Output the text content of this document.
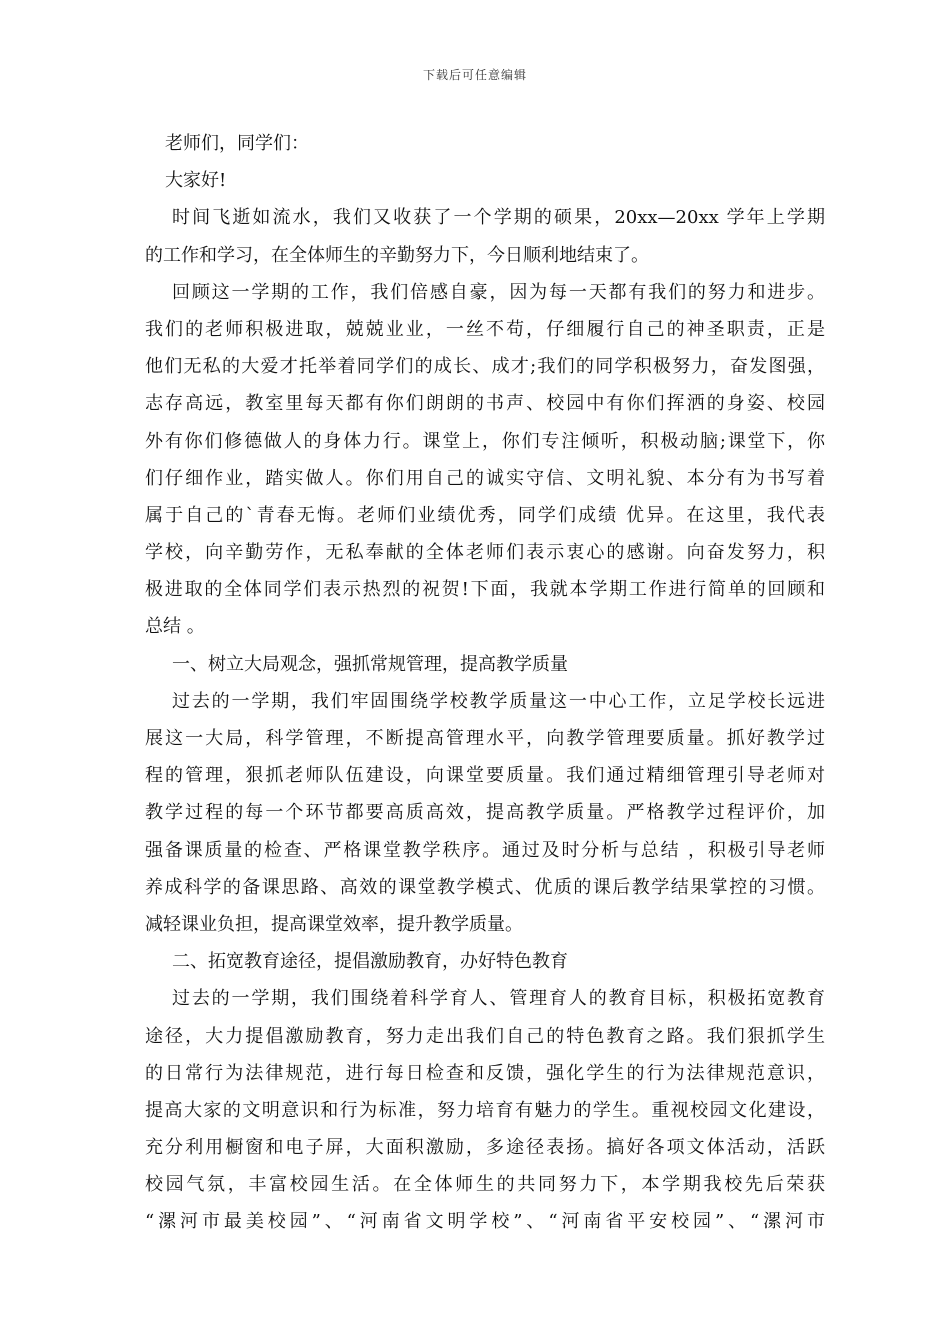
下载后可任意编辑
老师们，同学们：
大家好!
时间飞逝如流水，我们又收获了一个学期的硕果，20xx—20xx 学年上学期
的工作和学习，在全体师生的辛勤努力下，今日顺利地结束了。
回顾这一学期的工作，我们倍感自豪，因为每一天都有我们的努力和进步。
我们的老师积极进取，兢兢业业，一丝不苟，仔细履行自己的神圣职责，正是
他们无私的大爱才托举着同学们的成长、成才;我们的同学积极努力，奋发图强，
志存高远，教室里每天都有你们朗朗的书声、校园中有你们挥洒的身姿、校园
外有你们修德做人的身体力行。课堂上，你们专注倾听，积极动脑;课堂下，你
们仔细作业，踏实做人。你们用自己的诚实守信、文明礼貌、本分有为书写着
属于自己的`青春无悔。老师们业绩优秀，同学们成绩 优异。在这里，我代表
学校，向辛勤劳作，无私奉献的全体老师们表示衷心的感谢。向奋发努力，积
极进取的全体同学们表示热烈的祝贺!下面，我就本学期工作进行简单的回顾和
总结 。
一、树立大局观念，强抓常规管理，提高教学质量
过去的一学期，我们牢固围绕学校教学质量这一中心工作，立足学校长远进
展这一大局，科学管理，不断提高管理水平，向教学管理要质量。抓好教学过
程的管理，狠抓老师队伍建设，向课堂要质量。我们通过精细管理引导老师对
教学过程的每一个环节都要高质高效，提高教学质量。严格教学过程评价，加
强备课质量的检查、严格课堂教学秩序。通过及时分析与总结 ，积极引导老师
养成科学的备课思路、高效的课堂教学模式、优质的课后教学结果掌控的习惯。
减轻课业负担，提高课堂效率，提升教学质量。
二、拓宽教育途径，提倡激励教育，办好特色教育
过去的一学期，我们围绕着科学育人、管理育人的教育目标，积极拓宽教育
途径，大力提倡激励教育，努力走出我们自己的特色教育之路。我们狠抓学生
的日常行为法律规范，进行每日检查和反馈，强化学生的行为法律规范意识，
提高大家的文明意识和行为标准，努力培育有魅力的学生。重视校园文化建设，
充分利用橱窗和电子屏，大面积激励，多途径表扬。搞好各项文体活动，活跃
校园气氛，丰富校园生活。在全体师生的共同努力下，本学期我校先后荣获
“漯河市最美校园”、“河南省文明学校”、“河南省平安校园”、“漯河市
